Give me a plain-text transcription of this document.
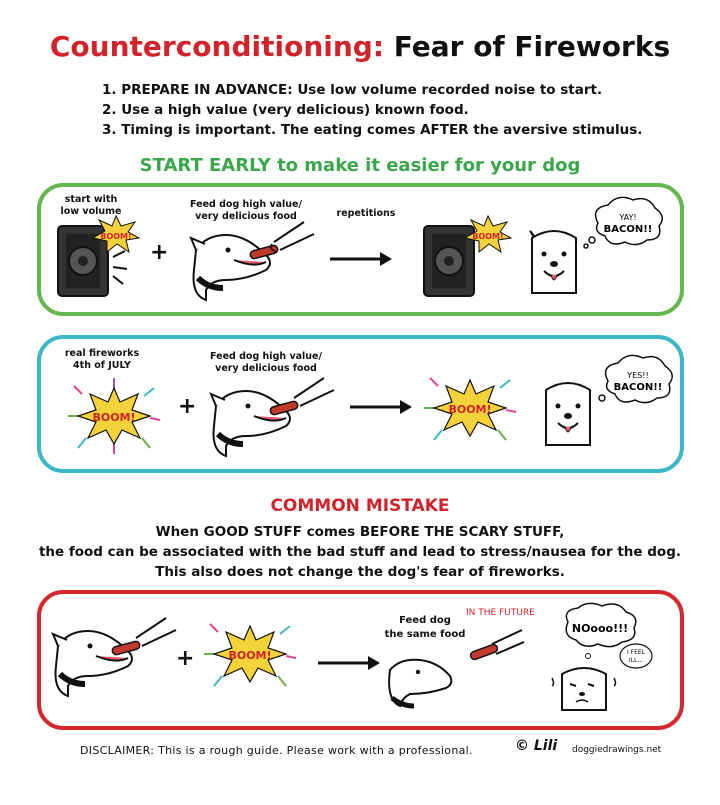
Counterconditioning: Fear of Fireworks
1. PREPARE IN ADVANCE: Use low volume recorded noise to start.
2. Use a high value (very delicious) known food.
3. Timing is important. The eating comes AFTER the aversive stimulus.
START EARLY to make it easier for your dog
start with
low volume
Feed dog high value/
very delicious food	repetitions
BOOM!
+
BOOM!
YAY!
BACON!!
real fireworks
4th of JULY
Feed dog high value/
very delicious food
BOOM! +	BOOM!
YES!!
BACON!!
COMMON MISTAKE
When GOOD STUFF comes BEFORE THE SCARY STUFF,
the food can be associated with the bad stuff and lead to stress/nausea for the dog.
This also does not change the dog's fear of fireworks.
+	BOOM!
Feed dog
the same food
IN THE FUTURE
NOooo!!!
I FEEL
ILL...
DISCLAIMER: This is a rough guide. Please work with a professional.	© Lili doggiedrawings.net
